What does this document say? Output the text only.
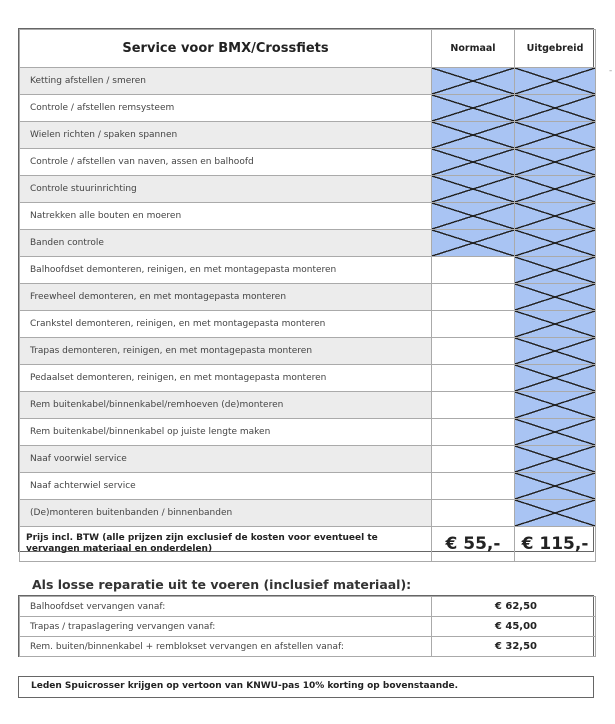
Service voor BMX/Crossfiets	Normaal	Uitgebreid
Ketting afstellen / smeren		
Controle / afstellen remsysteem		
Wielen richten / spaken spannen		
Controle / afstellen van naven, assen en balhoofd		
Controle stuurinrichting		
Natrekken alle bouten en moeren		
Banden controle		
Balhoofdset demonteren, reinigen, en met montagepasta monteren		
Freewheel demonteren, en met montagepasta monteren		
Crankstel demonteren, reinigen, en met montagepasta monteren		
Trapas demonteren, reinigen, en met montagepasta monteren		
Pedaalset demonteren, reinigen, en met montagepasta monteren		
Rem buitenkabel/binnenkabel/remhoeven (de)monteren		
Rem buitenkabel/binnenkabel op juiste lengte maken		
Naaf voorwiel service		
Naaf achterwiel service		
(De)monteren buitenbanden / binnenbanden		
Prijs incl. BTW (alle prijzen zijn exclusief de kosten voor eventueel te vervangen materiaal en onderdelen)	€ 55,-	€ 115,-
Als losse reparatie uit te voeren (inclusief materiaal):
Balhoofdset vervangen vanaf:	€ 62,50
Trapas / trapaslagering vervangen vanaf:	€ 45,00
Rem. buiten/binnenkabel + remblokset vervangen en afstellen vanaf:	€ 32,50
Leden Spuicrosser krijgen op vertoon van KNWU-pas 10% korting op bovenstaande.
-
